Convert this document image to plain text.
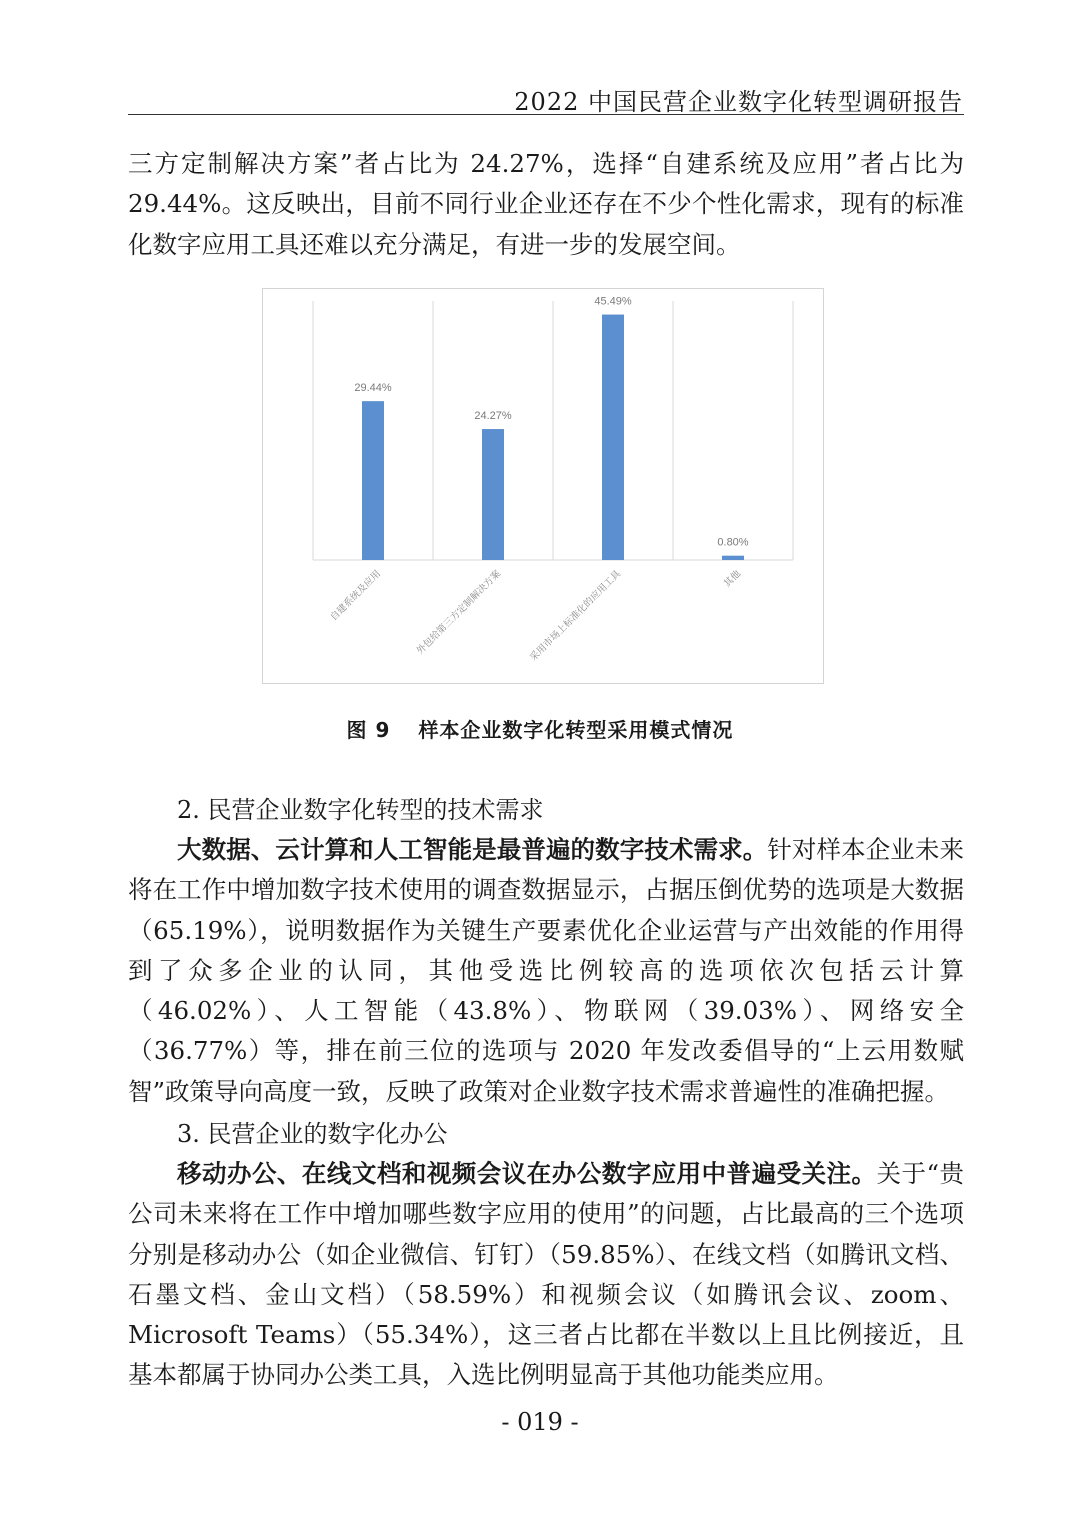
2022 中国民营企业数字化转型调研报告

三方定制解决方案”者占比为 24.27%，选择“自建系统及应用”者占比为 29.44%。这反映出，目前不同行业企业还存在不少个性化需求，现有的标准化数字应用工具还难以充分满足，有进一步的发展空间。

29.44%
自建系统及应用
24.27%
外包给第三方定制解决方案
45.49%
采用市场上标准化的应用工具
0.80%
其他
图 9 样本企业数字化转型采用模式情况

2. 民营企业数字化转型的技术需求

大数据、云计算和人工智能是最普遍的数字技术需求。针对样本企业未来将在工作中增加数字技术使用的调查数据显示，占据压倒优势的选项是大数据（65.19%），说明数据作为关键生产要素优化企业运营与产出效能的作用得到了众多企业的认同，其他受选比例较高的选项依次包括云计算（46.02%）、人工智能（43.8%）、物联网（39.03%）、网络安全（36.77%）等，排在前三位的选项与 2020 年发改委倡导的“上云用数赋智”政策导向高度一致，反映了政策对企业数字技术需求普遍性的准确把握。

3. 民营企业的数字化办公

移动办公、在线文档和视频会议在办公数字应用中普遍受关注。关于“贵公司未来将在工作中增加哪些数字应用的使用”的问题，占比最高的三个选项分别是移动办公（如企业微信、钉钉）（59.85%）、在线文档（如腾讯文档、石墨文档、金山文档）（58.59%）和视频会议（如腾讯会议、zoom、Microsoft Teams）（55.34%），这三者占比都在半数以上且比例接近，且基本都属于协同办公类工具，入选比例明显高于其他功能类应用。

- 019 -
